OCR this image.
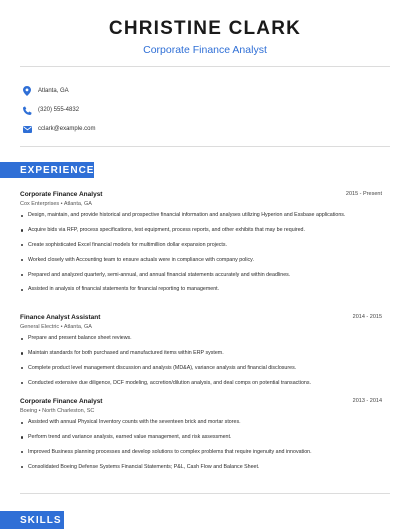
CHRISTINE CLARK
Corporate Finance Analyst
Atlanta, GA
(320) 555-4832
cclark@example.com
EXPERIENCE
Corporate Finance Analyst	2015 - Present
Cox Enterprises • Atlanta, GA
Design, maintain, and provide historical and prospective financial information and analyses utilizing Hyperion and Essbase applications.
Acquire bids via RFP, process specifications, test equipment, process reports, and other exhibits that may be required.
Create sophisticated Excel financial models for multimillion dollar expansion projects.
Worked closely with Accounting team to ensure actuals were in compliance with company policy.
Prepared and analyzed quarterly, semi-annual, and annual financial statements accurately and within deadlines.
Assisted in analysis of financial statements for financial reporting to management.
Finance Analyst Assistant	2014 - 2015
General Electric • Atlanta, GA
Prepare and present balance sheet reviews.
Maintain standards for both purchased and manufactured items within ERP system.
Complete product level management discussion and analysis (MD&A), variance analysis and financial disclosures.
Conducted extensive due diligence, DCF modeling, accretion/dilution analysis, and deal comps on potential transactions.
Corporate Finance Analyst	2013 - 2014
Boeing • North Charleston, SC
Assisted with annual Physical Inventory counts with the seventeen brick and mortar stores.
Perform trend and variance analysis, earned value management, and risk assessment.
Improved Business planning processes and develop solutions to complex problems that require ingenuity and innovation.
Consolidated Boeing Defense Systems Financial Statements; P&L, Cash Flow and Balance Sheet.
SKILLS
